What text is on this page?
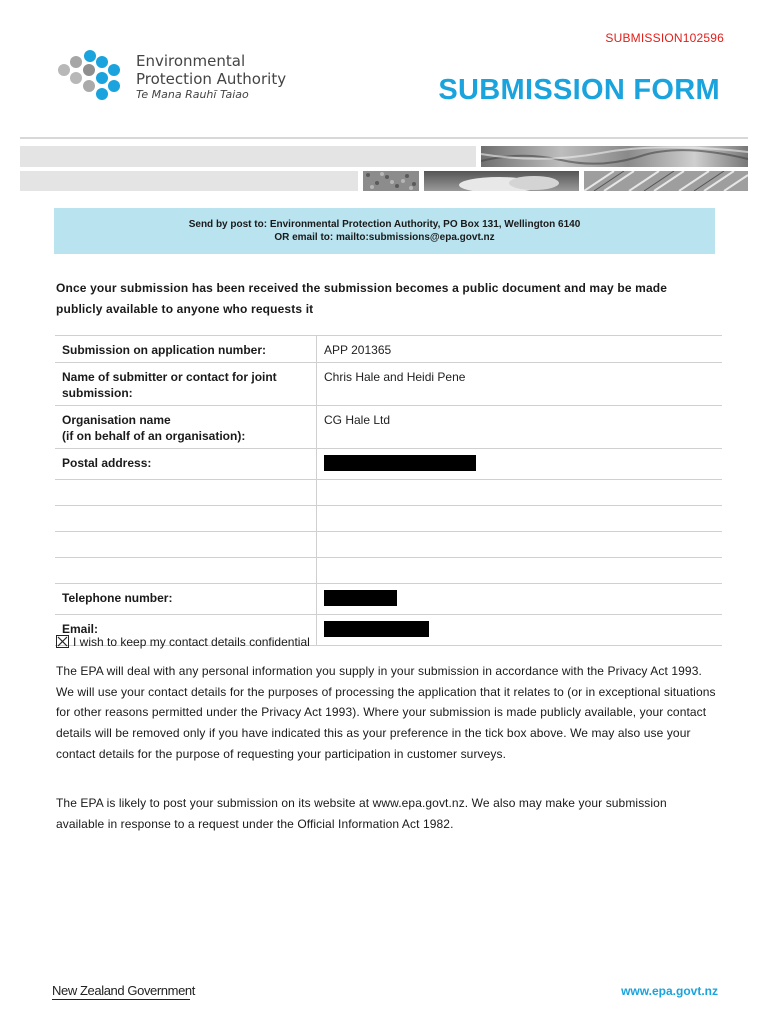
SUBMISSION102596
Environmental
Protection Authority
Te Mana Rauhī Taiao	SUBMISSION FORM
Send by post to: Environmental Protection Authority, PO Box 131, Wellington 6140
OR email to: mailto:submissions@epa.govt.nz
Once your submission has been received the submission becomes a public document and may be made publicly available to anyone who requests it
Submission on application number:	APP 201365
Name of submitter or contact for joint submission:	Chris Hale and Heidi Pene
Organisation name
(if on behalf of an organisation):	CG Hale Ltd
Postal address:	

Telephone number:	
Email:	
I wish to keep my contact details confidential
The EPA will deal with any personal information you supply in your submission in accordance with the Privacy Act 1993. We will use your contact details for the purposes of processing the application that it relates to (or in exceptional situations for other reasons permitted under the Privacy Act 1993). Where your submission is made publicly available, your contact details will be removed only if you have indicated this as your preference in the tick box above. We may also use your contact details for the purpose of requesting your participation in customer surveys.
The EPA is likely to post your submission on its website at www.epa.govt.nz. We also may make your submission available in response to a request under the Official Information Act 1982.
New Zealand Government	www.epa.govt.nz
